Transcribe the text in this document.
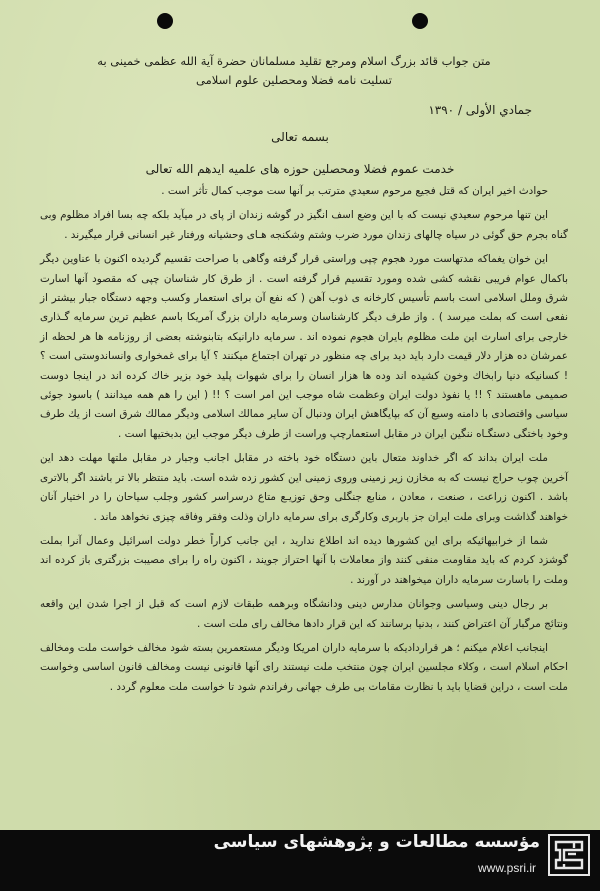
متن جواب قائد بزرگ اسلام ومرجع تقليد مسلمانان حضرة آية الله عظمى خمينى به
تسليت نامه فضلا ومحصلين علوم اسلامى
جمادي الأولى / ١٣٩٠
بسمه تعالى
خدمت عموم فضلا ومحصلين حوزه هاى علميه ايدهم الله تعالى

حوادث اخير ايران كه قتل فجيع مرحوم سعيدي مترتب بر آنها ست موجب كمال تأثر است .

اين تنها مرحوم سعيدي نيست كه با اين وضع اسف انگيز در گوشه زندان از پاى در ميآيد بلكه چه بسا افراد مظلوم وبى گناه بجرم حق گوئى در سياه چالهاى زندان مورد ضرب وشتم وشكنجه هـاى وحشيانه ورفتار غير انسانى قرار ميگيرند .

اين خوان يغماكه مدتهاست مورد هجوم چپى وراستى قرار گرفته وگاهى با صراحت تقسيم گرديده اكنون با عناوين ديگر باكمال عوام فريبى نقشه كشى شده ومورد تقسيم قرار گرفته است . از طرق كار شناسان چپى كه مقصود آنها اسارت شرق وملل اسلامى است باسم تأسيس كارخانه ى ذوب آهن ( كه نفع آن براى استعمار وكسب وجهه دستگاه جبار بيشتر از نفعى است كه بملت ميرسد ) . واز طرف ديگر كارشناسان وسرمايه داران بزرگ آمريكا باسم عظيم ترين سرمايه گـذارى خارجى براى اسارت اين ملت مظلوم بايران هجوم نموده اند . سرمايه دارانيكه بتابنوشته بعضى از روزنامه ها هر لحظه از عمرشان ده هزار دلار قيمت دارد بايد ديد براى چه منظور در تهران اجتماع ميكنند ؟ آيا براى غمخوارى وانساندوستى است ؟ ! كسانيكه دنيا رابخاك وخون كشيده اند وده ها هزار انسان را براى شهوات پليد خود بزير خاك كرده اند در اينجا دوست صميمى ماهستند ؟ !! يا نفوذ دولت ايران وعظمت شاه موجب اين امر است ؟ !! ( اين را هم همه ميدانند ) باسود جوئى سياسى واقتصادى با دامنه وسيع آن كه بپايگاهش ايران ودنبال آن ساير ممالك اسلامى وديگر ممالك شرق است از يك طرف وخود باختگى دستگـاه ننگين ايران در مقابل استعمارچپ وراست از طرف ديگر موجب اين بدبختيها است .

ملت ايران بداند كه اگر خداوند متعال باين دستگاه خود باخته در مقابل اجانب وجبار در مقابل ملتها مهلت دهد اين آخرين چوب حراج نيست كه به مخازن زير زمينى وروى زمينى اين كشور زده شده است. بايد منتظر بالا تر باشند اگر بالاترى باشد . اكنون زراعت ، صنعت ، معادن ، منابع جنگلى وحق توزيـع متاع درسراسر كشور وجلب سياحان را در اختيار آنان خواهند گذاشت وبراى ملت ايران جز باربرى وكارگرى براى سرمايه داران وذلت وفقر وفاقه چيزى نخواهد ماند .

شما از خرابيهائيكه براى اين كشورها ديده اند اطلاع نداريد ، اين جانب كراراً خطر دولت اسرائيل وعمال آنرا بملت گوشزد كردم كه بايد مقاومت منفى كنند واز معاملات با آنها احتراز جويند ، اكنون راه را براى مصيبت بزرگترى باز كرده اند وملت را باسارت سرمايه داران ميخواهند در آورند .

بر رجال دينى وسياسى وجوانان مدارس دينى ودانشگاه وبرهمه طبقات لازم است كه قبل از اجرا شدن اين واقعه ونتائج مرگبار آن اعتراض كنند ، بدنيا برسانند كه اين قرار دادها مخالف راى ملت است .

اينجانب اعلام ميكنم ؛ هر قرارداديكه با سرمايه داران امريكا وديگر مستعمرين بسته شود مخالف خواست ملت ومخالف احكام اسلام است ، وكلاء مجلسين ايران چون منتخب ملت نيستند راى آنها قانونى نيست ومخالف قانون اساسى وخواست ملت است ، دراين قضايا بايد با نظارت مقامات بى طرف جهانى رفراندم شود تا خواست ملت معلوم گردد .

مؤسسه مطالعات و پژوهشهای سیاسی
www.psri.ir
